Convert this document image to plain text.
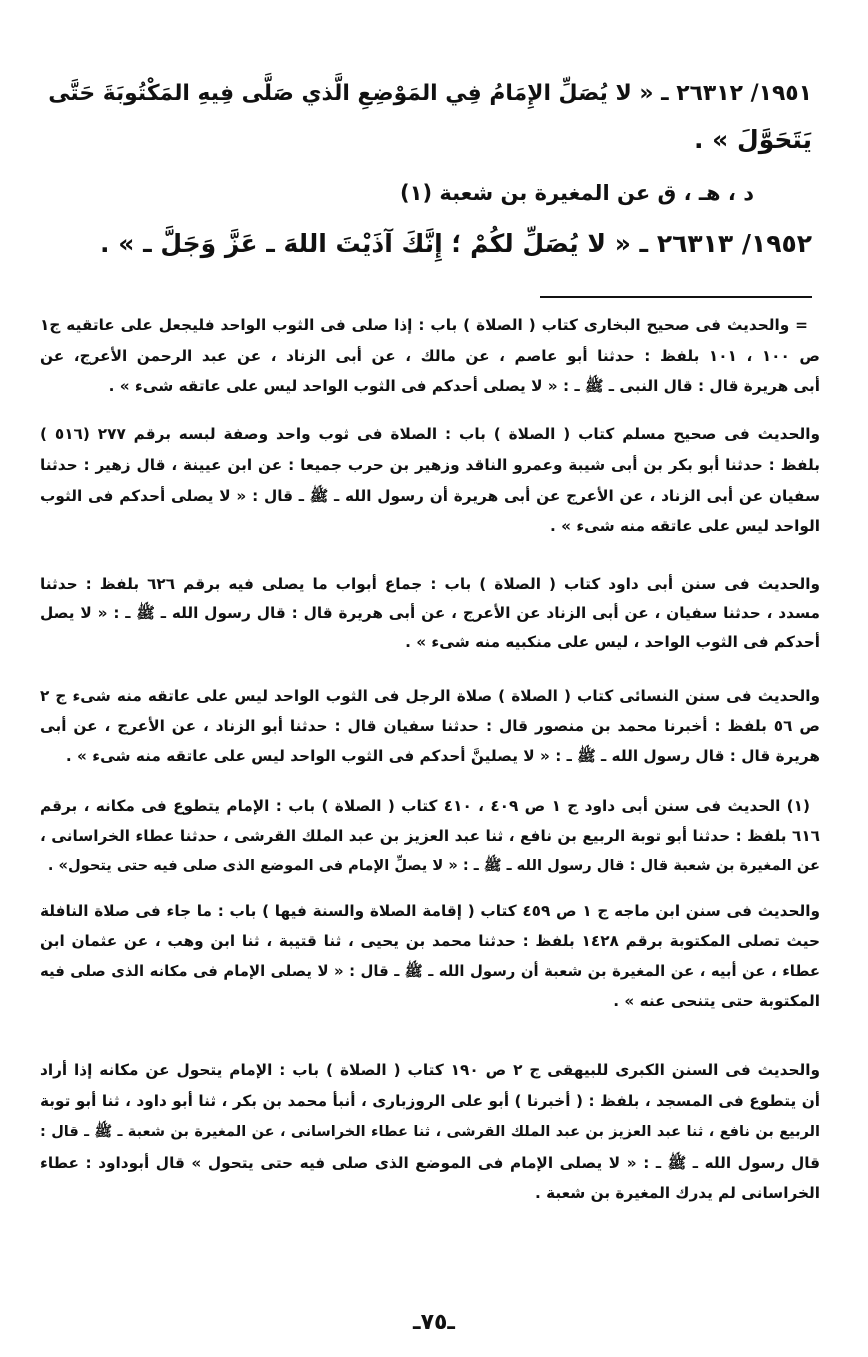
١٩٥١/ ٢٦٣١٢ ـ « لا يُصَلِّ الإِمَامُ فِي المَوْضِعِ الَّذي صَلَّى فِيهِ المَكْتُوبَةَ حَتَّى
يَتَحَوَّلَ » .
د ، هـ ، ق عن المغيرة بن شعبة (١)
١٩٥٢/ ٢٦٣١٣ ـ « لا يُصَلِّ لكُمْ ؛ إِنَّكَ آذَيْتَ اللهَ ـ عَزَّ وَجَلَّ ـ » .
= والحديث فى صحيح البخارى كتاب ( الصلاة ) باب : إذا صلى فى الثوب الواحد فليجعل على عاتقيه ج١
ص ١٠٠ ، ١٠١ بلفظ : حدثنا أبو عاصم ، عن مالك ، عن أبى الزناد ، عن عبد الرحمن الأعرج، عن
أبى هريرة قال : قال النبى ـ ﷺ ـ : « لا يصلى أحدكم فى الثوب الواحد ليس على عاتقه شىء » .
والحديث فى صحيح مسلم كتاب ( الصلاة ) باب : الصلاة فى ثوب واحد وصفة لبسه برقم ٢٧٧ (٥١٦ )
بلفظ : حدثنا أبو بكر بن أبى شيبة وعمرو الناقد وزهير بن حرب جميعا : عن ابن عيينة ، قال زهير : حدثنا
سفيان عن أبى الزناد ، عن الأعرج عن أبى هريرة أن رسول الله ـ ﷺ ـ قال : « لا يصلى أحدكم فى الثوب
الواحد ليس على عاتقه منه شىء » .
والحديث فى سنن أبى داود كتاب ( الصلاة ) باب : جماع أبواب ما يصلى فيه برقم ٦٢٦ بلفظ : حدثنا
مسدد ، حدثنا سفيان ، عن أبى الزناد عن الأعرج ، عن أبى هريرة قال : قال رسول الله ـ ﷺ ـ : « لا يصل
أحدكم فى الثوب الواحد ، ليس على منكبيه منه شىء » .
والحديث فى سنن النسائى كتاب ( الصلاة ) صلاة الرجل فى الثوب الواحد ليس على عاتقه منه شىء ج ٢
ص ٥٦ بلفظ : أخبرنا محمد بن منصور قال : حدثنا سفيان قال : حدثنا أبو الزناد ، عن الأعرج ، عن أبى
هريرة قال : قال رسول الله ـ ﷺ ـ : « لا يصلينَّ أحدكم فى الثوب الواحد ليس على عاتقه منه شىء » .
(١) الحديث فى سنن أبى داود ج ١ ص ٤٠٩ ، ٤١٠ كتاب ( الصلاة ) باب : الإمام يتطوع فى مكانه ، برقم
٦١٦ بلفظ : حدثنا أبو توبة الربيع بن نافع ، ثنا عبد العزيز بن عبد الملك القرشى ، حدثنا عطاء الخراسانى ،
عن المغيرة بن شعبة قال : قال رسول الله ـ ﷺ ـ : « لا يصلِّ الإمام فى الموضع الذى صلى فيه حتى يتحول» .
والحديث فى سنن ابن ماجه ج ١ ص ٤٥٩ كتاب ( إقامة الصلاة والسنة فيها ) باب : ما جاء فى صلاة النافلة
حيث تصلى المكتوبة برقم ١٤٢٨ بلفظ : حدثنا محمد بن يحيى ، ثنا قتيبة ، ثنا ابن وهب ، عن عثمان ابن
عطاء ، عن أبيه ، عن المغيرة بن شعبة أن رسول الله ـ ﷺ ـ قال : « لا يصلى الإمام فى مكانه الذى صلى فيه
المكتوبة حتى يتنحى عنه » .
والحديث فى السنن الكبرى للبيهقى ج ٢ ص ١٩٠ كتاب ( الصلاة ) باب : الإمام يتحول عن مكانه إذا أراد
أن يتطوع فى المسجد ، بلفظ : ( أخبرنا ) أبو على الروزبارى ، أنبأ محمد بن بكر ، ثنا أبو داود ، ثنا أبو توبة
الربيع بن نافع ، ثنا عبد العزيز بن عبد الملك القرشى ، ثنا عطاء الخراسانى ، عن المغيرة بن شعبة ـ ﷺ ـ قال :
قال رسول الله ـ ﷺ ـ : « لا يصلى الإمام فى الموضع الذى صلى فيه حتى يتحول » قال أبوداود : عطاء
الخراسانى لم يدرك المغيرة بن شعبة .
ـ٧٥ـ
